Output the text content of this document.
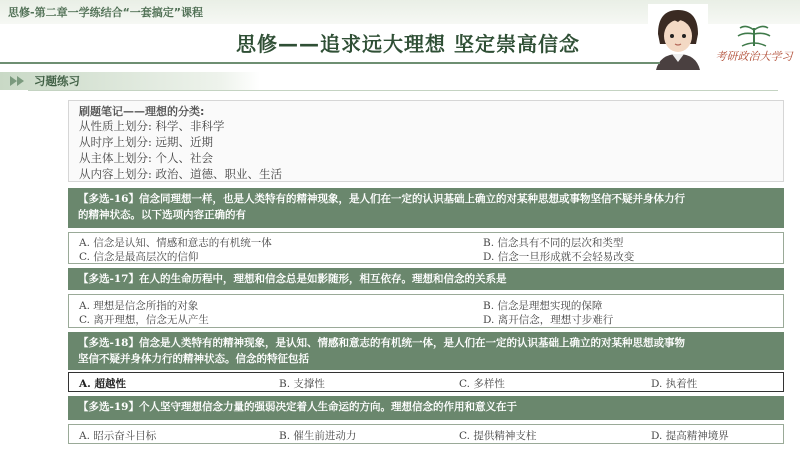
思修-第二章一学练结合“一套搞定”课程
思修——追求远大理想 坚定崇高信念
考研政治大学习
习题练习
刷题笔记——理想的分类:
从性质上划分: 科学、非科学
从时序上划分: 远期、近期
从主体上划分: 个人、社会
从内容上划分: 政治、道德、职业、生活
【多选-16】信念同理想一样，也是人类特有的精神现象，是人们在一定的认识基础上确立的对某种思想或事物坚信不疑并身体力行
的精神状态。以下选项内容正确的有
A. 信念是认知、情感和意志的有机统一体	B. 信念具有不同的层次和类型
C. 信念是最高层次的信仰	D. 信念一旦形成就不会轻易改变
【多选-17】在人的生命历程中，理想和信念总是如影随形，相互依存。理想和信念的关系是
A. 理想是信念所指的对象	B. 信念是理想实现的保障
C. 离开理想，信念无从产生	D. 离开信念，理想寸步难行
【多选-18】信念是人类特有的精神现象，是认知、情感和意志的有机统一体，是人们在一定的认识基础上确立的对某种思想或事物
坚信不疑并身体力行的精神状态。信念的特征包括
A. 超越性	B. 支撑性	C. 多样性	D. 执着性
【多选-19】个人坚守理想信念力量的强弱决定着人生命运的方向。理想信念的作用和意义在于
A. 昭示奋斗目标	B. 催生前进动力	C. 提供精神支柱	D. 提高精神境界
